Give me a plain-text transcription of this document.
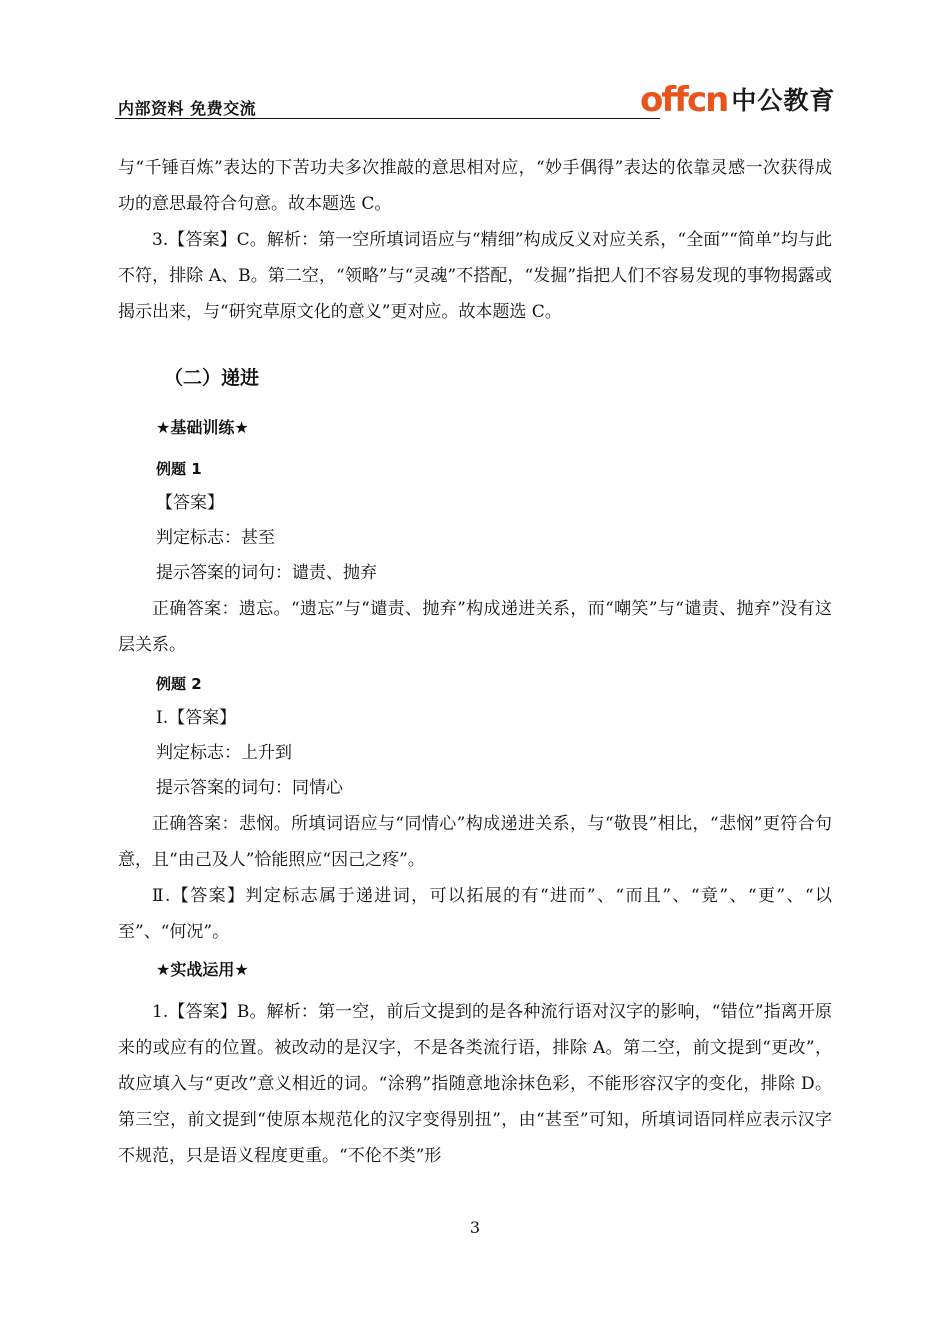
内部资料 免费交流	offcn 中公教育

与“千锤百炼”表达的下苦功夫多次推敲的意思相对应，“妙手偶得”表达的依靠灵感一次获得成功的意思最符合句意。故本题选 C。

3.【答案】C。解析：第一空所填词语应与“精细”构成反义对应关系，“全面”“简单”均与此不符，排除 A、B。第二空，“领略”与“灵魂”不搭配，“发掘”指把人们不容易发现的事物揭露或揭示出来，与“研究草原文化的意义”更对应。故本题选 C。

（二）递进
★基础训练★
例题 1

【答案】

判定标志：甚至

提示答案的词句：谴责、抛弃

正确答案：遗忘。“遗忘”与“谴责、抛弃”构成递进关系，而“嘲笑”与“谴责、抛弃”没有这层关系。

例题 2

Ⅰ.【答案】

判定标志：上升到

提示答案的词句：同情心

正确答案：悲悯。所填词语应与“同情心”构成递进关系，与“敬畏”相比，“悲悯”更符合句意，且“由己及人”恰能照应“因己之疼”。

Ⅱ.【答案】判定标志属于递进词，可以拓展的有“进而”、“而且”、“竟”、“更”、“以至”、“何况”。

★实战运用★

1.【答案】B。解析：第一空，前后文提到的是各种流行语对汉字的影响，“错位”指离开原来的或应有的位置。被改动的是汉字，不是各类流行语，排除 A。第二空，前文提到“更改”，故应填入与“更改”意义相近的词。“涂鸦”指随意地涂抹色彩，不能形容汉字的变化，排除 D。第三空，前文提到“使原本规范化的汉字变得别扭”，由“甚至”可知，所填词语同样应表示汉字不规范，只是语义程度更重。“不伦不类”形

3
